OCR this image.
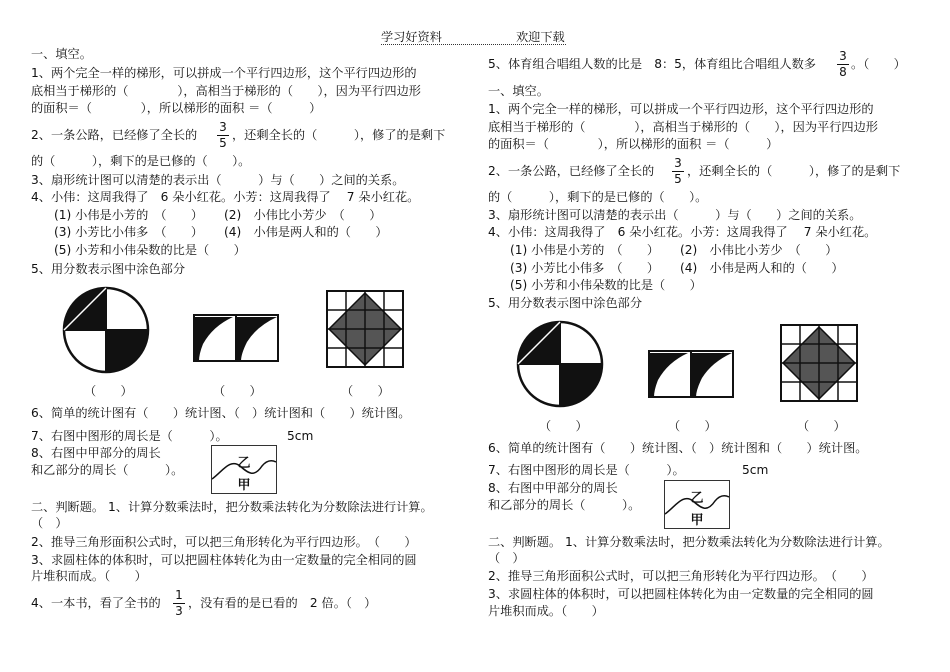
学习好资料	欢迎下载
一、填空。
1、两个完全一样的梯形，可以拼成一个平行四边形，这个平行四边形的
底相当于梯形的（　　　　），高相当于梯形的（　　），因为平行四边形
的面积＝（　　　　），所以梯形的面积 ＝（　　　）
2、一条公路，已经修了全长的
3
5
，还剩全长的（　　　），修了的是剩下
的（　　　），剩下的是已修的（　　）。
3、扇形统计图可以清楚的表示出（　　　）与（　　）之间的关系。
4、小伟：这周我得了　6 朵小红花。小芳：这周我得了　 7 朵小红花。
(1) 小伟是小芳的　（　　） (2)　小伟比小芳少　（　　）
(3) 小芳比小伟多　（　　） (4)　小伟是两人和的（　　）
(5) 小芳和小伟朵数的比是（　　）
5、用分数表示图中涂色部分
（　　）	（　　）	（　　）
6、简单的统计图有（　　）统计图、（　）统计图和（　　）统计图。
7、右图中图形的周长是（　　　）。	5cm
8、右图中甲部分的周长
和乙部分的周长（　　　）。	乙
甲
二、判断题。 1、计算分数乘法时，把分数乘法转化为分数除法进行计算。
（　）
2、推导三角形面积公式时，可以把三角形转化为平行四边形。　（　　）
3、求圆柱体的体积时，可以把圆柱体转化为由一定数量的完全相同的圆
片堆积而成。（　　）
4、一本书，看了全书的
1
3
，没有看的是已看的　2 倍。（　）
5、体育组合唱组人数的比是　8：5，体育组比合唱组人数多
3
8
。（　　）
一、填空。
1、两个完全一样的梯形，可以拼成一个平行四边形，这个平行四边形的
底相当于梯形的（　　　　），高相当于梯形的（　　），因为平行四边形
的面积＝（　　　　），所以梯形的面积 ＝（　　　）
2、一条公路，已经修了全长的
3
5
，还剩全长的（　　　），修了的是剩下
的（　　　），剩下的是已修的（　　）。
3、扇形统计图可以清楚的表示出（　　　）与（　　）之间的关系。
4、小伟：这周我得了　6 朵小红花。小芳：这周我得了　 7 朵小红花。
(1) 小伟是小芳的　（　　） (2)　小伟比小芳少　（　　）
(3) 小芳比小伟多　（　　） (4)　小伟是两人和的（　　）
(5) 小芳和小伟朵数的比是（　　）
5、用分数表示图中涂色部分
（　　）	（　　）	（　　）
6、简单的统计图有（　　）统计图、（　）统计图和（　　）统计图。
7、右图中图形的周长是（　　　）。	5cm
8、右图中甲部分的周长
和乙部分的周长（　　　）。	乙
甲
二、判断题。 1、计算分数乘法时，把分数乘法转化为分数除法进行计算。
（　）
2、推导三角形面积公式时，可以把三角形转化为平行四边形。　（　　）
3、求圆柱体的体积时，可以把圆柱体转化为由一定数量的完全相同的圆
片堆积而成。（　　）
